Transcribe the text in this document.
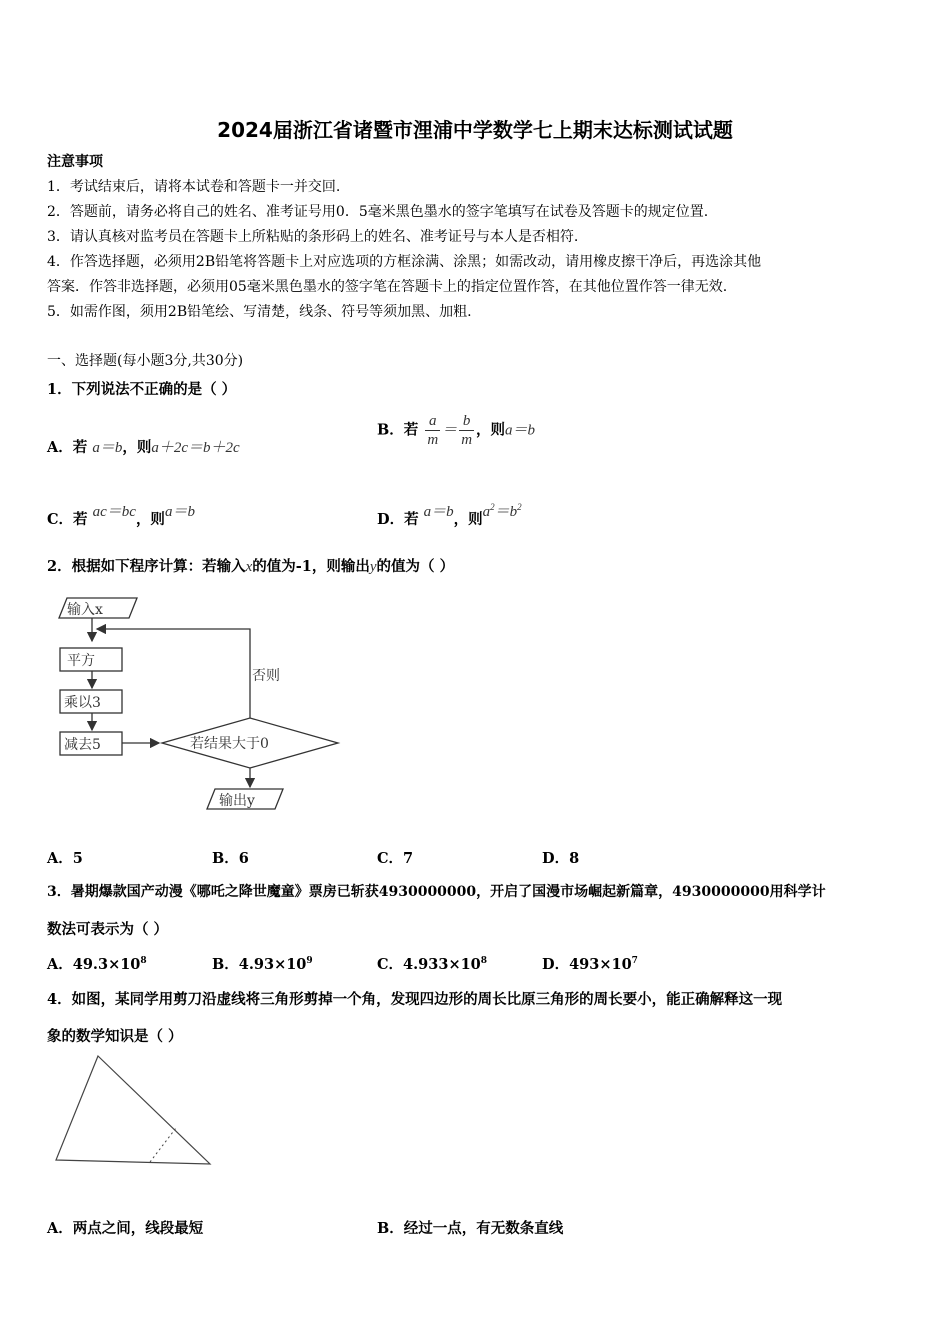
2024届浙江省诸暨市浬浦中学数学七上期末达标测试试题
注意事项
1．考试结束后，请将本试卷和答题卡一并交回.
2．答题前，请务必将自己的姓名、准考证号用0．5毫米黑色墨水的签字笔填写在试卷及答题卡的规定位置.
3．请认真核对监考员在答题卡上所粘贴的条形码上的姓名、准考证号与本人是否相符.
4．作答选择题，必须用2B铅笔将答题卡上对应选项的方框涂满、涂黑；如需改动，请用橡皮擦干净后，再选涂其他
答案．作答非选择题，必须用05毫米黑色墨水的签字笔在答题卡上的指定位置作答，在其他位置作答一律无效.
5．如需作图，须用2B铅笔绘、写清楚，线条、符号等须加黑、加粗.
一、选择题(每小题3分,共30分)
1．下列说法不正确的是（ ）
A．若 a＝b，则a＋2c＝b＋2c
B．若 $\frac{a}{m} = \frac{b}{m}$ ，则a＝b
C．若 ac＝bc，则a＝b	D．若 a＝b，则$a^2=b^2$
2．根据如下程序计算：若输入x的值为-1，则输出y的值为（ ）
输入x
否则
平方
乘以3
减去5	若结果大于0
输出y
A．5	B．6	C．7	D．8
3．暑期爆款国产动漫《哪吒之降世魔童》票房已斩获4930000000，开启了国漫市场崛起新篇章，4930000000用科学计
数法可表示为（ ）
A．$49.3\times 10^8$	B．$4.93\times 10^9$	C．$4.933\times 10^8$	D．$493\times 10^7$
4．如图，某同学用剪刀沿虚线将三角形剪掉一个角，发现四边形的周长比原三角形的周长要小，能正确解释这一现
象的数学知识是（ ）
A．两点之间，线段最短	B．经过一点，有无数条直线
